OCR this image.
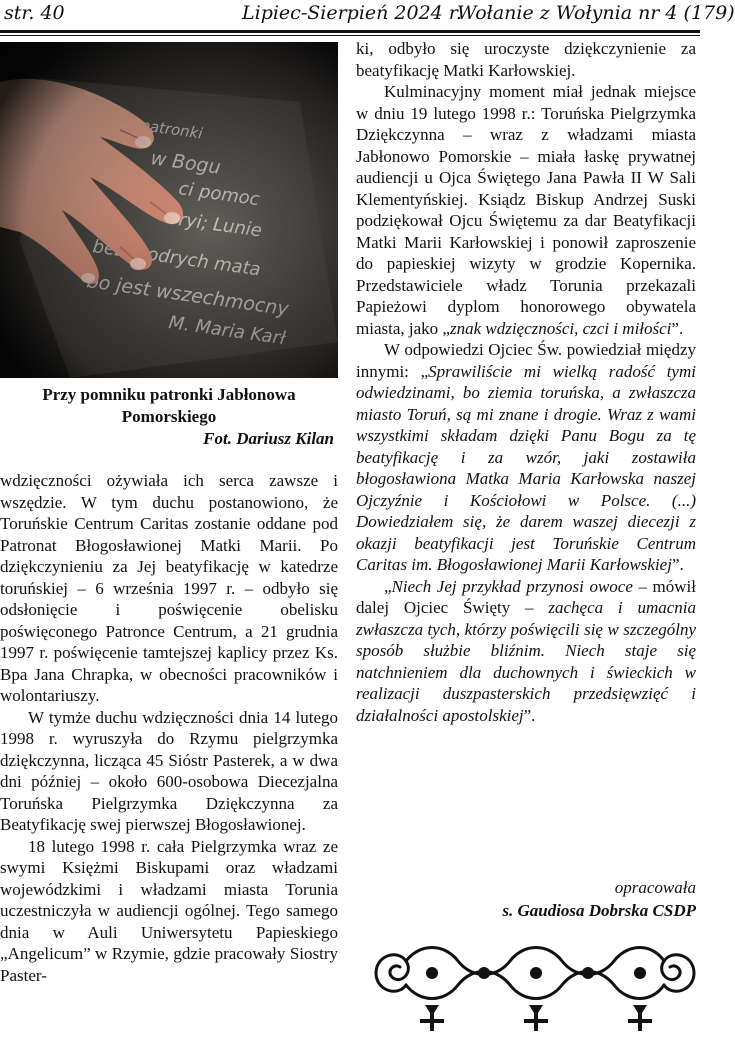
str. 40	Lipiec-Sierpień 2024 r.
Wołanie z Wołynia nr 4 (179)
Przy pomniku patronki Jabłonowa Pomorskiego
Fot. Dariusz Kilan

wdzięczności ożywiała ich serca zawsze i wszędzie. W tym duchu postanowiono, że Toruńskie Centrum Caritas zostanie oddane pod Patronat Błogosławionej Matki Marii. Po dziękczynieniu za Jej beatyfikację w katedrze toruńskiej – 6 września 1997 r. – odbyło się odsłonięcie i poświęcenie obelisku poświęconego Patronce Centrum, a 21 grudnia 1997 r. poświęcenie tamtejszej kaplicy przez Ks. Bpa Jana Chrapka, w obecności pracowników i wolontariuszy.

W tymże duchu wdzięczności dnia 14 lutego 1998 r. wyruszyła do Rzymu pielgrzymka dziękczynna, licząca 45 Sióstr Pasterek, a w dwa dni później – około 600-osobowa Diecezjalna Toruńska Pielgrzymka Dziękczynna za Beatyfikację swej pierwszej Błogosławionej.

18 lutego 1998 r. cała Pielgrzymka wraz ze swymi Księżmi Biskupami oraz władzami wojewódzkimi i władzami miasta Torunia uczestniczyła w audiencji ogólnej. Tego samego dnia w Auli Uniwersytetu Papieskiego „Angelicum” w Rzymie, gdzie pracowały Siostry Paster-

ki, odbyło się uroczyste dziękczynienie za beatyfikację Matki Karłowskiej.

Kulminacyjny moment miał jednak miejsce w dniu 19 lutego 1998 r.: Toruńska Pielgrzymka Dziękczynna – wraz z władzami miasta Jabłonowo Pomorskie – miała łaskę prywatnej audiencji u Ojca Świętego Jana Pawła II W Sali Klementyńskiej. Ksiądz Biskup Andrzej Suski podziękował Ojcu Świętemu za dar Beatyfikacji Matki Marii Karłowskiej i ponowił zaproszenie do papieskiej wizyty w grodzie Kopernika. Przedstawiciele władz Torunia przekazali Papieżowi dyplom honorowego obywatela miasta, jako „znak wdzięczności, czci i miłości”.

W odpowiedzi Ojciec Św. powiedział między innymi: „Sprawiliście mi wielką radość tymi odwiedzinami, bo ziemia toruńska, a zwłaszcza miasto Toruń, są mi znane i drogie. Wraz z wami wszystkimi składam dzięki Panu Bogu za tę beatyfikację i za wzór, jaki zostawiła błogosławiona Matka Maria Karłowska naszej Ojczyźnie i Kościołowi w Polsce. (...) Dowiedziałem się, że darem waszej diecezji z okazji beatyfikacji jest Toruńskie Centrum Caritas im. Błogosławionej Marii Karłowskiej”.

„Niech Jej przykład przynosi owoce – mówił dalej Ojciec Święty – zachęca i umacnia zwłaszcza tych, którzy poświęcili się w szczególny sposób służbie bliźnim. Niech staje się natchnieniem dla duchownych i świeckich w realizacji duszpasterskich przedsięwzięć i działalności apostolskiej”.

opracowała
s. Gaudiosa Dobrska CSDP
